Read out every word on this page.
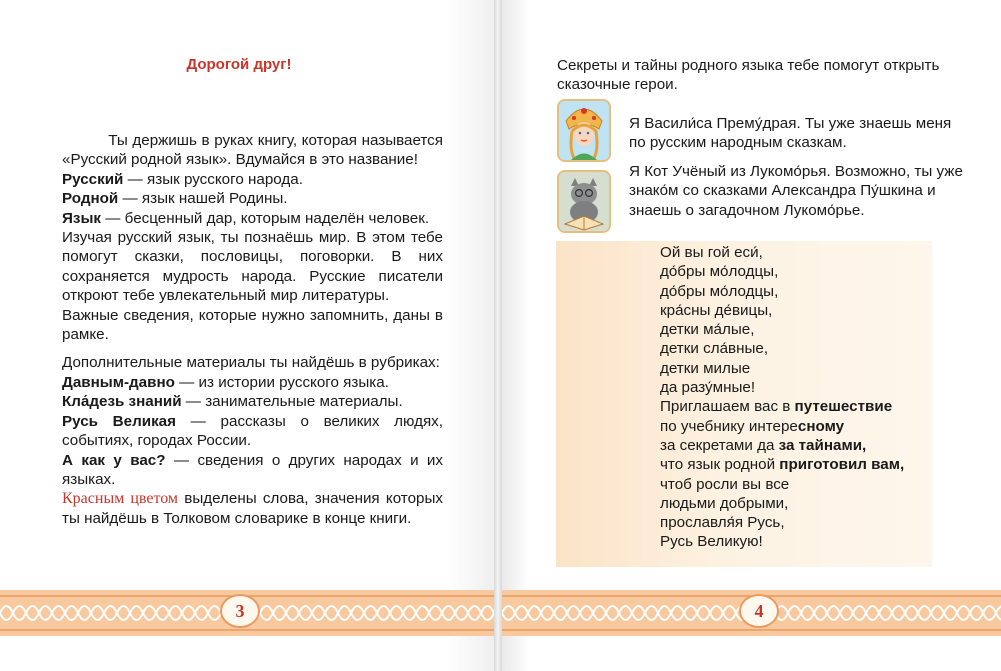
Дорогой друг!

Ты держишь в руках книгу, которая называется «Русский родной язык». Вдумайся в это название!

Русский — язык русского народа.

Родной — язык нашей Родины.

Язык — бесценный дар, которым наделён человек.

Изучая русский язык, ты познаёшь мир. В этом тебе помогут сказки, пословицы, поговорки. В них сохраняется мудрость народа. Русские писатели откроют тебе увлекательный мир литературы.

Важные сведения, которые нужно запомнить, даны в рамке.

Дополнительные материалы ты найдёшь в рубриках:

Давным-давно — из истории русского языка.

Кла́дезь знаний — занимательные материалы.

Русь Великая — рассказы о великих людях, событиях, городах России.

А как у вас? — сведения о других народах и их языках.

Красным цветом выделены слова, значения которых ты найдёшь в Толковом словарике в конце книги.

Секреты и тайны родного языка тебе помогут открыть сказочные герои.

Я Васили́са Прему́драя. Ты уже знаешь меня по русским народным сказкам.
Я Кот Учёный из Лукомо́рья. Возможно, ты уже знако́м со сказками Александра Пу́шкина и знаешь о загадочном Лукомо́рье.
Ой вы гой еси́,
до́бры мо́лодцы,
до́бры мо́лодцы,
кра́сны де́вицы,
детки ма́лые,
детки сла́вные,
детки милые
да разу́мные!
Приглашаем вас в путешествие
по учебнику интересному
за секретами да за тайнами,
что язык родной приготовил вам,
чтоб росли вы все
людьми добрыми,
прославля́я Русь,
Русь Великую!
3	4
